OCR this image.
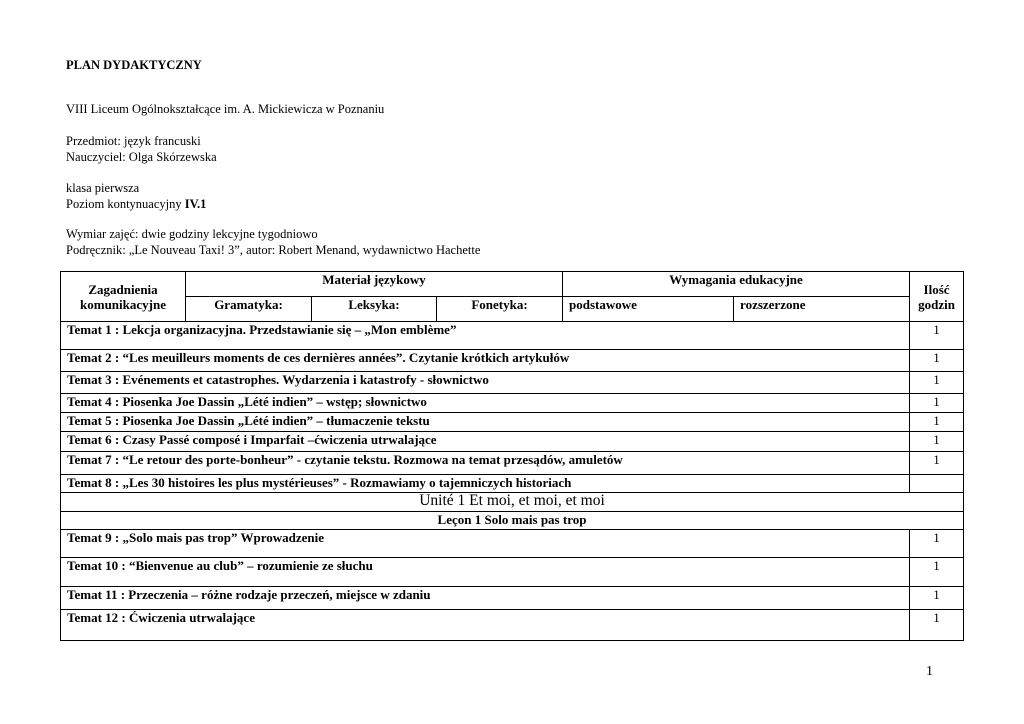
PLAN DYDAKTYCZNY
VIII Liceum Ogólnokształcące im. A. Mickiewicza w Poznaniu
Przedmiot: język francuski
Nauczyciel: Olga Skórzewska
klasa pierwsza
Poziom kontynuacyjny IV.1
Wymiar zajęć: dwie godziny lekcyjne tygodniowo
Podręcznik: „Le Nouveau Taxi! 3”, autor: Robert Menand, wydawnictwo Hachette
Zagadnienia komunikacyjne	Materiał językowy			Wymagania edukacyjne		Ilość godzin
	Gramatyka:	Leksyka:	Fonetyka:	podstawowe	rozszerzone	
Temat 1 : Lekcja organizacyjna. Przedstawianie się – „Mon emblème”						1
Temat 2 : “Les meuilleurs moments de ces dernières années”. Czytanie krótkich artykułów						1
Temat 3 : Evénements et catastrophes. Wydarzenia i katastrofy - słownictwo						1
Temat 4 : Piosenka Joe Dassin „Lété indien” – wstęp; słownictwo						1
Temat 5 : Piosenka Joe Dassin „Lété indien” – tłumaczenie tekstu						1
Temat 6 : Czasy Passé composé i Imparfait –ćwiczenia utrwalające						1
Temat 7 : “Le retour des porte-bonheur” - czytanie tekstu. Rozmowa na temat przesądów, amuletów						1
Temat 8 : „Les 30 histoires les plus mystérieuses” - Rozmawiamy o tajemniczych historiach						
Unité 1 Et moi, et moi, et moi						
Leçon 1 Solo mais pas trop						
Temat 9 : „Solo mais pas trop” Wprowadzenie						1
Temat 10 : “Bienvenue au club” – rozumienie ze słuchu						1
Temat 11 : Przeczenia – różne rodzaje przeczeń, miejsce w zdaniu						1
Temat 12 : Ćwiczenia utrwalające						1
1
